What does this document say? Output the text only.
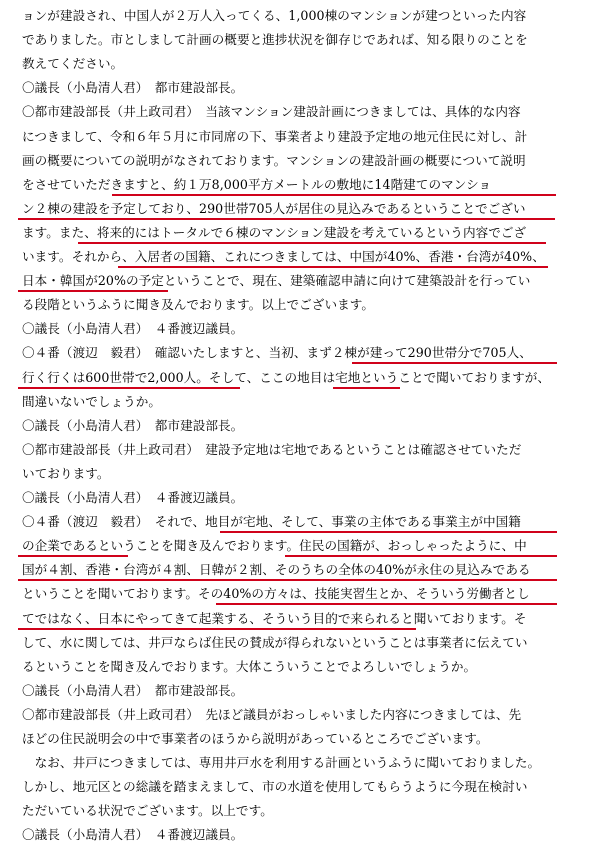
ョンが建設され、中国人が２万人入ってくる、1,000棟のマンションが建つといった内容
でありました。市としまして計画の概要と進捗状況を御存じであれば、知る限りのことを
教えてください。
〇議長（小島清人君）　都市建設部長。
〇都市建設部長（井上政司君）　当該マンション建設計画につきましては、具体的な内容
につきまして、令和６年５月に市同席の下、事業者より建設予定地の地元住民に対し、計
画の概要についての説明がなされております。マンションの建設計画の概要について説明
をさせていただきますと、約１万8,000平方メートルの敷地に14階建てのマンショ
ン２棟の建設を予定しており、290世帯705人が居住の見込みであるということでござい
ます。また、将来的にはトータルで６棟のマンション建設を考えているという内容でござ
います。それから、入居者の国籍、これにつきましては、中国が40%、香港・台湾が40%、
日本・韓国が20%の予定ということで、現在、建築確認申請に向けて建築設計を行ってい
る段階というふうに聞き及んでおります。以上でございます。
〇議長（小島清人君）　４番渡辺議員。
〇４番（渡辺　毅君）　確認いたしますと、当初、まず２棟が建って290世帯分で705人、
行く行くは600世帯で2,000人。そして、ここの地目は宅地ということで聞いておりますが、
間違いないでしょうか。
〇議長（小島清人君）　都市建設部長。
〇都市建設部長（井上政司君）　建設予定地は宅地であるということは確認させていただ
いております。
〇議長（小島清人君）　４番渡辺議員。
〇４番（渡辺　毅君）　それで、地目が宅地、そして、事業の主体である事業主が中国籍
の企業であるということを聞き及んでおります。住民の国籍が、おっしゃったように、中
国が４割、香港・台湾が４割、日韓が２割、そのうちの全体の40%が永住の見込みである
ということを聞いております。その40%の方々は、技能実習生とか、そういう労働者とし
てではなく、日本にやってきて起業する、そういう目的で来られると聞いております。そ
して、水に関しては、井戸ならば住民の賛成が得られないということは事業者に伝えてい
るということを聞き及んでおります。大体こういうことでよろしいでしょうか。
〇議長（小島清人君）　都市建設部長。
〇都市建設部長（井上政司君）　先ほど議員がおっしゃいました内容につきましては、先
ほどの住民説明会の中で事業者のほうから説明があっているところでございます。
　なお、井戸につきましては、専用井戸水を利用する計画というふうに聞いておりました。
しかし、地元区との総議を踏まえまして、市の水道を使用してもらうように今現在検討い
ただいている状況でございます。以上です。
〇議長（小島清人君）　４番渡辺議員。
